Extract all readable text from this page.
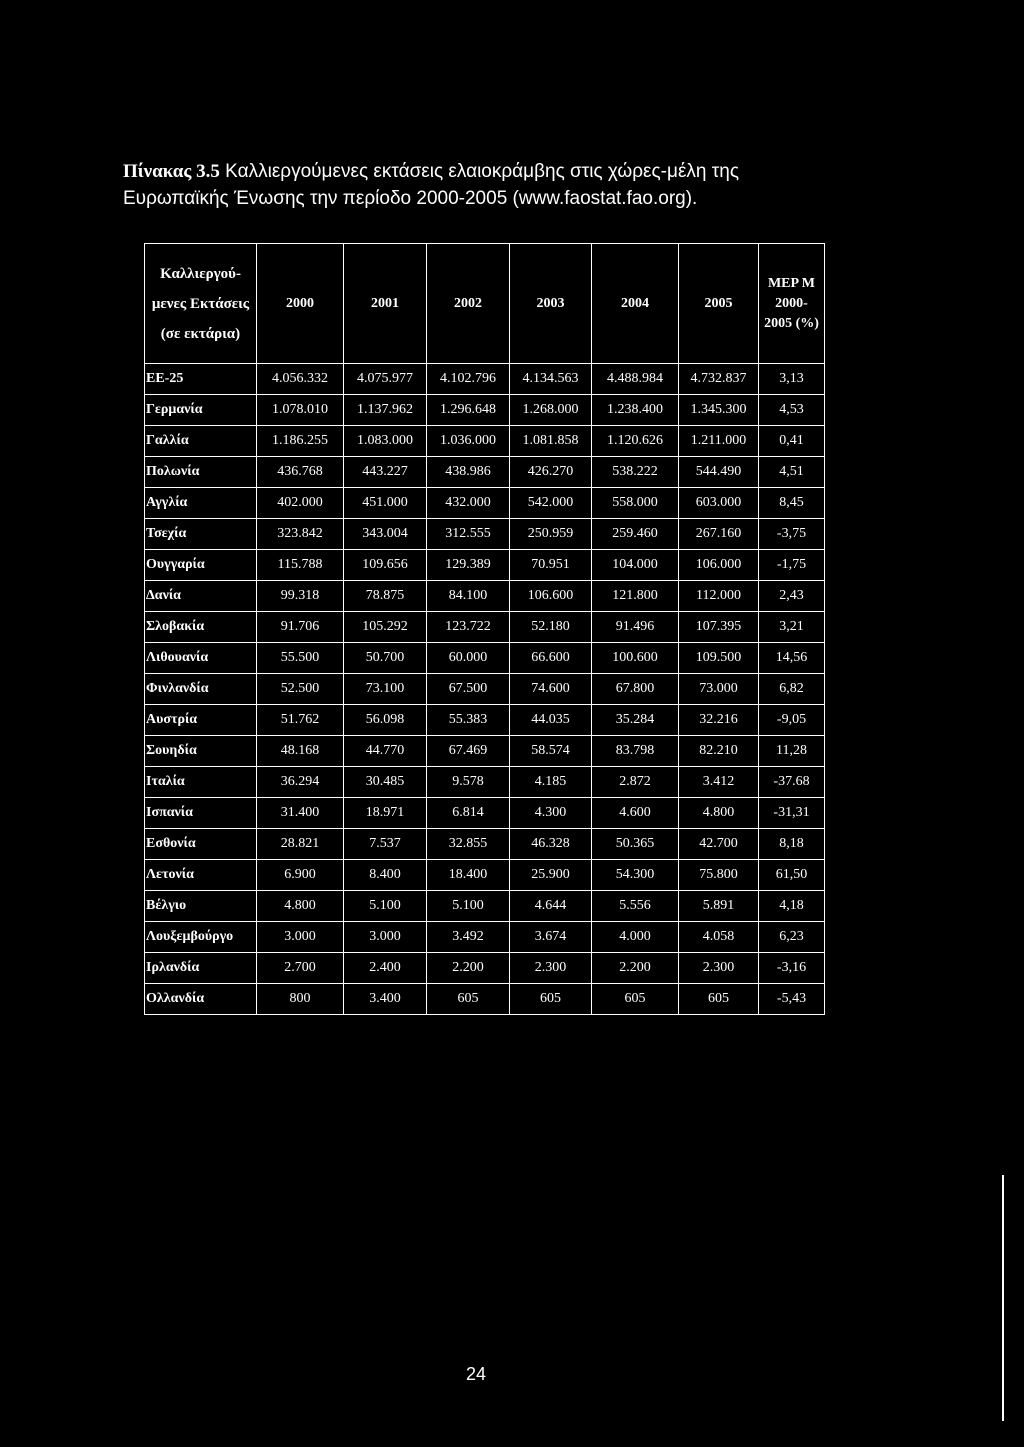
Πίνακας 3.5 Καλλιεργούμενες εκτάσεις ελαιοκράμβης στις χώρες-μέλη της Ευρωπαϊκής Ένωσης την περίοδο 2000-2005 (www.faostat.fao.org).
Καλλιεργού-μενες Εκτάσεις (σε εκτάρια)	2000	2001	2002	2003	2004	2005	MEP M 2000-2005 (%)
ΕΕ-25	4.056.332	4.075.977	4.102.796	4.134.563	4.488.984	4.732.837	3,13
Γερμανία	1.078.010	1.137.962	1.296.648	1.268.000	1.238.400	1.345.300	4,53
Γαλλία	1.186.255	1.083.000	1.036.000	1.081.858	1.120.626	1.211.000	0,41
Πολωνία	436.768	443.227	438.986	426.270	538.222	544.490	4,51
Αγγλία	402.000	451.000	432.000	542.000	558.000	603.000	8,45
Τσεχία	323.842	343.004	312.555	250.959	259.460	267.160	-3,75
Ουγγαρία	115.788	109.656	129.389	70.951	104.000	106.000	-1,75
Δανία	99.318	78.875	84.100	106.600	121.800	112.000	2,43
Σλοβακία	91.706	105.292	123.722	52.180	91.496	107.395	3,21
Λιθουανία	55.500	50.700	60.000	66.600	100.600	109.500	14,56
Φινλανδία	52.500	73.100	67.500	74.600	67.800	73.000	6,82
Αυστρία	51.762	56.098	55.383	44.035	35.284	32.216	-9,05
Σουηδία	48.168	44.770	67.469	58.574	83.798	82.210	11,28
Ιταλία	36.294	30.485	9.578	4.185	2.872	3.412	-37.68
Ισπανία	31.400	18.971	6.814	4.300	4.600	4.800	-31,31
Εσθονία	28.821	7.537	32.855	46.328	50.365	42.700	8,18
Λετονία	6.900	8.400	18.400	25.900	54.300	75.800	61,50
Βέλγιο	4.800	5.100	5.100	4.644	5.556	5.891	4,18
Λουξεμβούργο	3.000	3.000	3.492	3.674	4.000	4.058	6,23
Ιρλανδία	2.700	2.400	2.200	2.300	2.200	2.300	-3,16
Ολλανδία	800	3.400	605	605	605	605	-5,43
24
